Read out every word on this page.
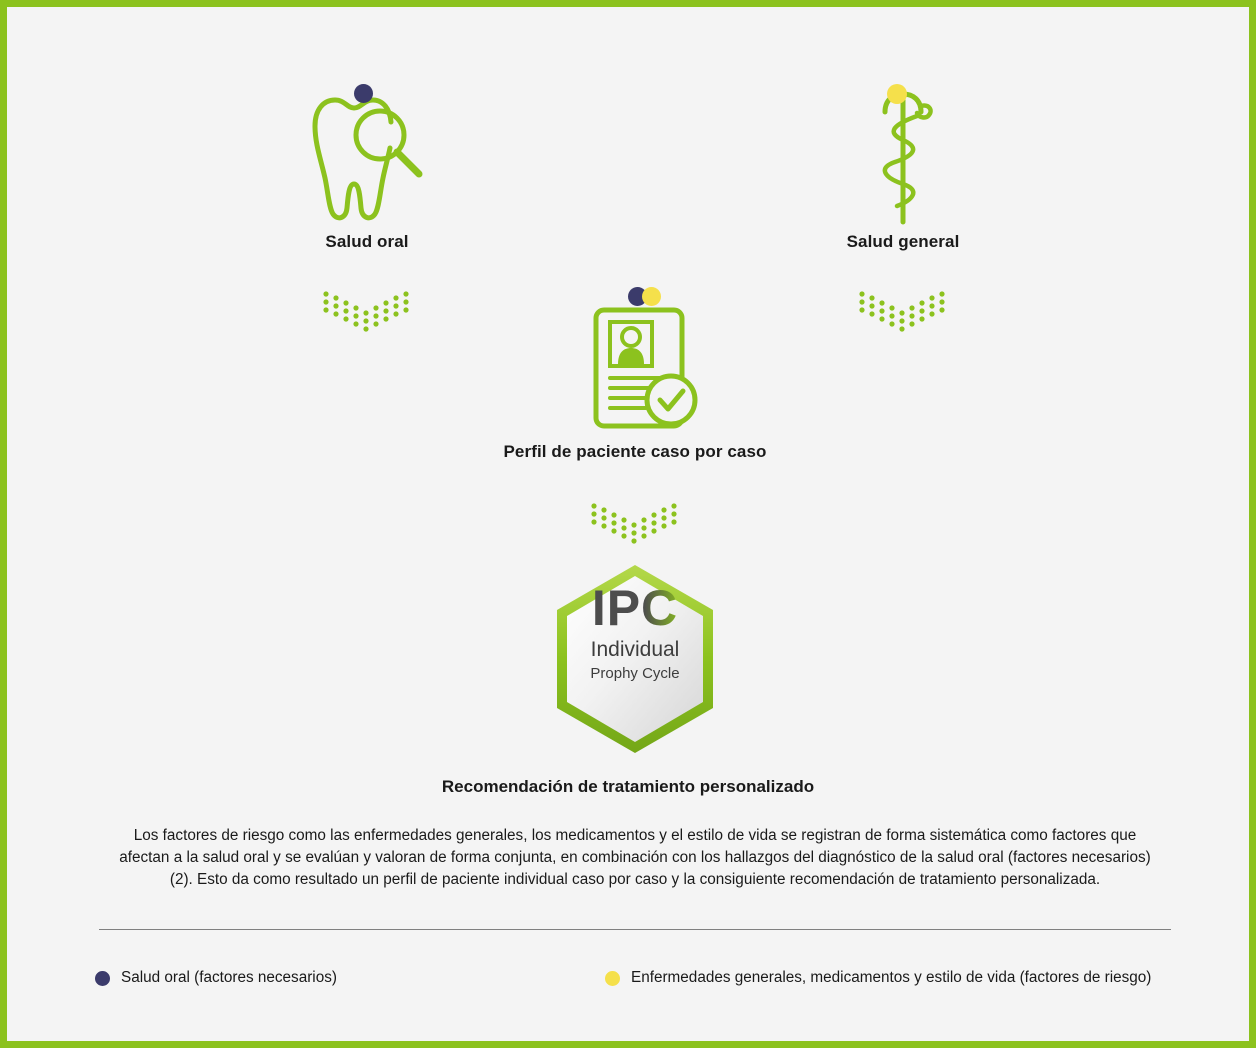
Salud oral	Salud general
Perfil de paciente caso por caso
Individual
Prophy Cycle
Recomendación de tratamiento personalizado
Los factores de riesgo como las enfermedades generales, los medicamentos y el estilo de vida se registran de forma sistemática como factores que afectan a la salud oral y se evalúan y valoran de forma conjunta, en combinación con los hallazgos del diagnóstico de la salud oral (factores necesarios) (2). Esto da como resultado un perfil de paciente individual caso por caso y la consiguiente recomendación de tratamiento personalizada.
Salud oral (factores necesarios)	Enfermedades generales, medicamentos y estilo de vida (factores de riesgo)
